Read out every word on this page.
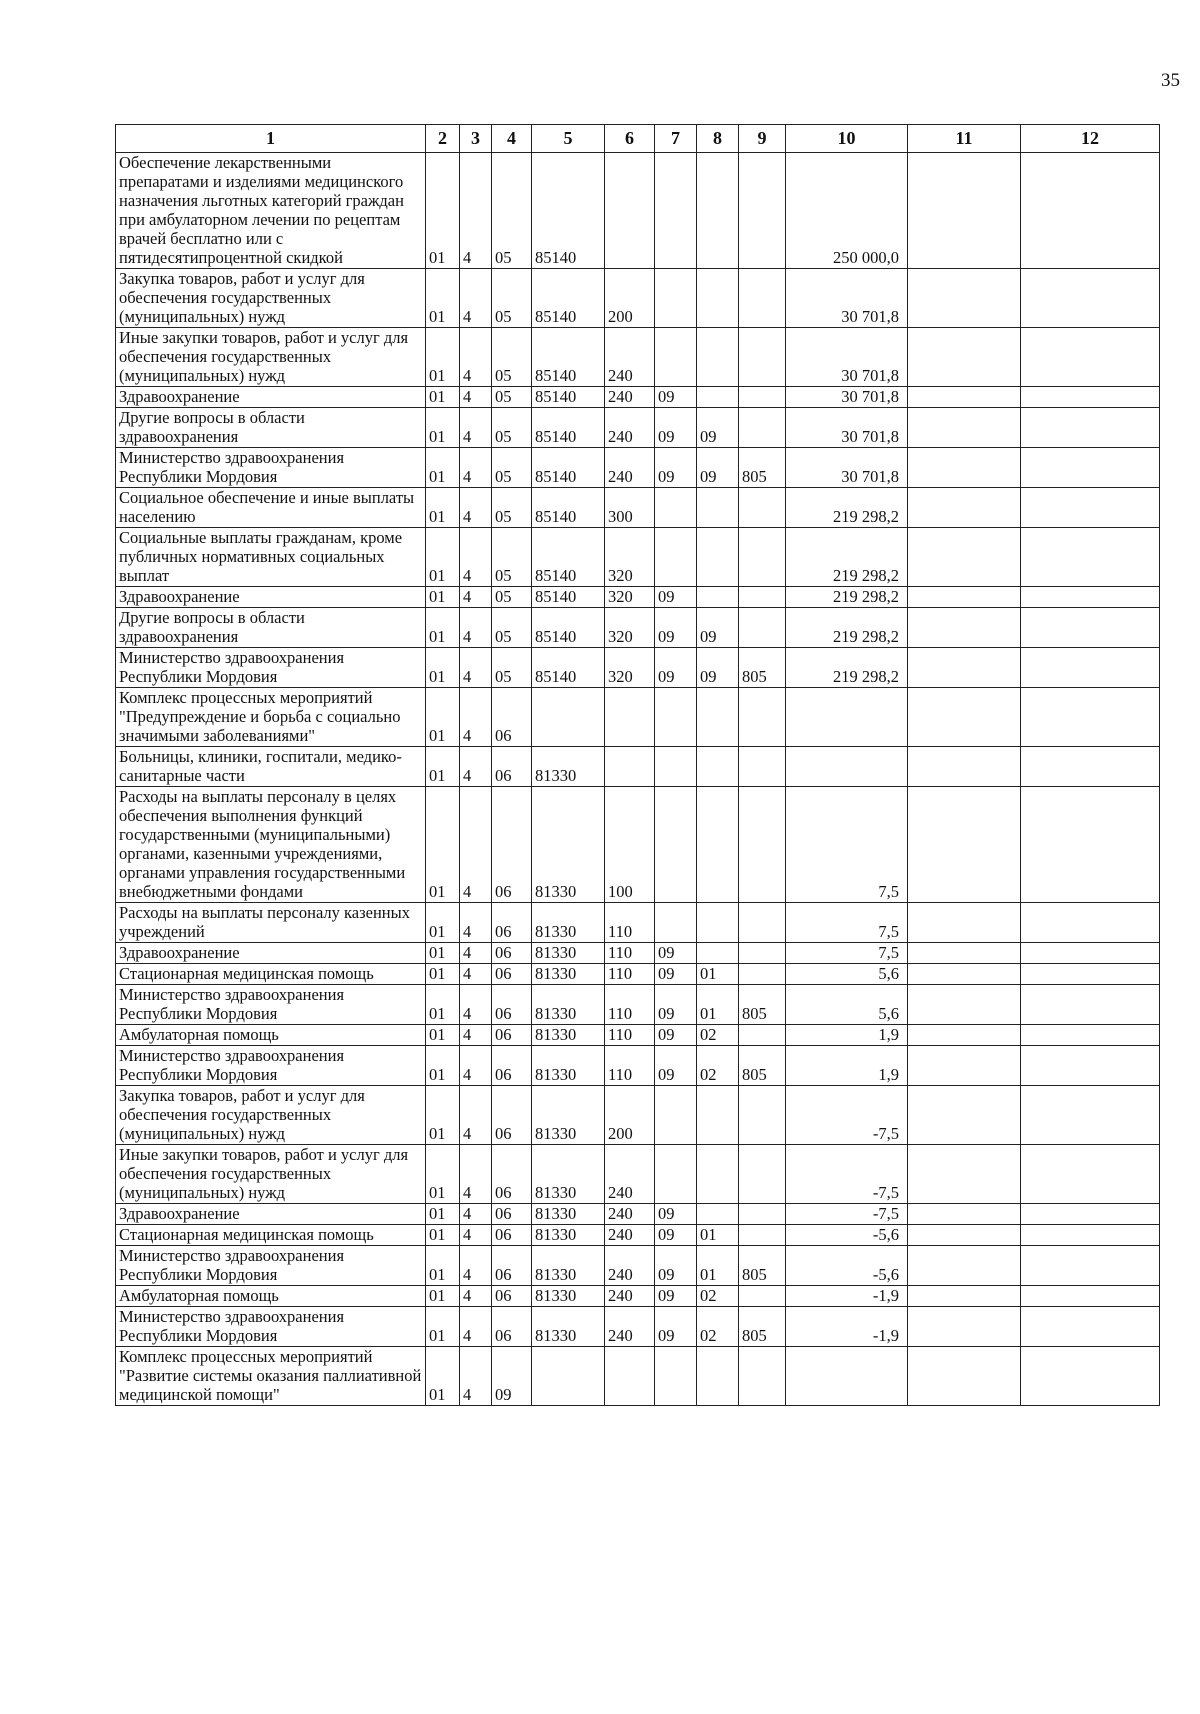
35
1	2	3	4	5	6	7	8	9	10	11	12
Обеспечение лекарственными препаратами и изделиями медицинского назначения льготных категорий граждан при амбулаторном лечении по рецептам врачей бесплатно или с пятидесятипроцентной скидкой	01	4	05	85140					250 000,0		
Закупка товаров, работ и услуг для обеспечения государственных (муниципальных) нужд	01	4	05	85140	200				30 701,8		
Иные закупки товаров, работ и услуг для обеспечения государственных (муниципальных) нужд	01	4	05	85140	240				30 701,8		
Здравоохранение	01	4	05	85140	240	09			30 701,8		
Другие вопросы в области здравоохранения	01	4	05	85140	240	09	09		30 701,8		
Министерство здравоохранения Республики Мордовия	01	4	05	85140	240	09	09	805	30 701,8		
Социальное обеспечение и иные выплаты населению	01	4	05	85140	300				219 298,2		
Социальные выплаты гражданам, кроме публичных нормативных социальных выплат	01	4	05	85140	320				219 298,2		
Здравоохранение	01	4	05	85140	320	09			219 298,2		
Другие вопросы в области здравоохранения	01	4	05	85140	320	09	09		219 298,2		
Министерство здравоохранения Республики Мордовия	01	4	05	85140	320	09	09	805	219 298,2		
Комплекс процессных мероприятий "Предупреждение и борьба с социально значимыми заболеваниями"	01	4	06								
Больницы, клиники, госпитали, медико-санитарные части	01	4	06	81330							
Расходы на выплаты персоналу в целях обеспечения выполнения функций государственными (муниципальными) органами, казенными учреждениями, органами управления государственными внебюджетными фондами	01	4	06	81330	100				7,5		
Расходы на выплаты персоналу казенных учреждений	01	4	06	81330	110				7,5		
Здравоохранение	01	4	06	81330	110	09			7,5		
Стационарная медицинская помощь	01	4	06	81330	110	09	01		5,6		
Министерство здравоохранения Республики Мордовия	01	4	06	81330	110	09	01	805	5,6		
Амбулаторная помощь	01	4	06	81330	110	09	02		1,9		
Министерство здравоохранения Республики Мордовия	01	4	06	81330	110	09	02	805	1,9		
Закупка товаров, работ и услуг для обеспечения государственных (муниципальных) нужд	01	4	06	81330	200				-7,5		
Иные закупки товаров, работ и услуг для обеспечения государственных (муниципальных) нужд	01	4	06	81330	240				-7,5		
Здравоохранение	01	4	06	81330	240	09			-7,5		
Стационарная медицинская помощь	01	4	06	81330	240	09	01		-5,6		
Министерство здравоохранения Республики Мордовия	01	4	06	81330	240	09	01	805	-5,6		
Амбулаторная помощь	01	4	06	81330	240	09	02		-1,9		
Министерство здравоохранения Республики Мордовия	01	4	06	81330	240	09	02	805	-1,9		
Комплекс процессных мероприятий "Развитие системы оказания паллиативной медицинской помощи"	01	4	09								
